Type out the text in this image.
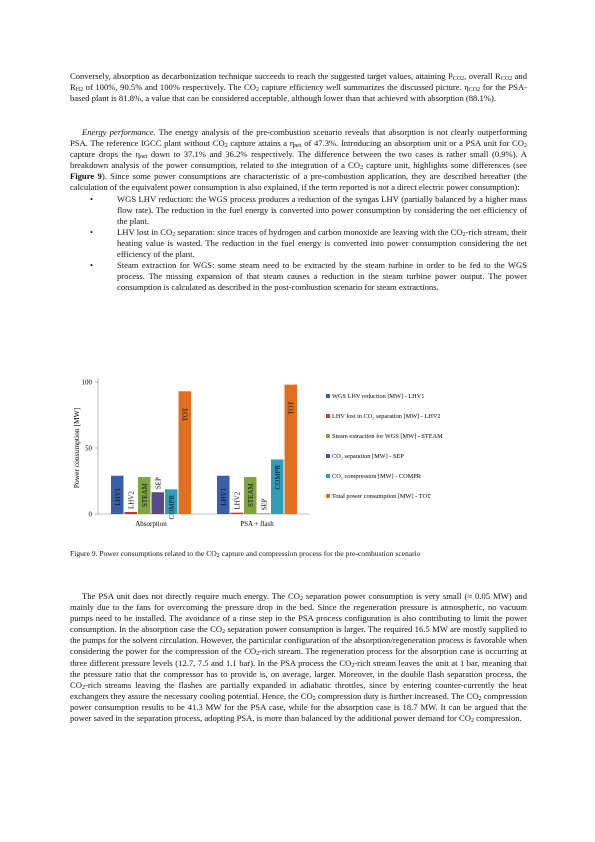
Conversely, absorption as decarbonization technique succeeds to reach the suggested target values, attaining $P_{CO2}$, overall $R_{CO2}$ and $R_{H2}$ of 100%, 90.5% and 100% respectively. The $CO_2$ capture efficiency well summarizes the discussed picture. $\eta_{CO2}$ for the PSA-based plant is 81.8%, a value that can be considered acceptable, although lower than that achieved with absorption (88.1%).

Energy performance. The energy analysis of the pre-combustion scenario reveals that absorption is not clearly outperforming PSA. The reference IGCC plant without $CO_2$ capture attains a $\eta_{net}$ of 47.3%. Introducing an absorption unit or a PSA unit for $CO_2$ capture drops the $\eta_{net}$ down to 37.1% and 36.2% respectively. The difference between the two cases is rather small (0.9%). A breakdown analysis of the power consumption, related to the integration of a $CO_2$ capture unit, highlights some differences (see Figure 9). Since some power consumptions are characteristic of a pre-combustion application, they are described hereafter (the calculation of the equivalent power consumption is also explained, if the term reported is not a direct electric power consumption):

•	WGS LHV reduction: the WGS process produces a reduction of the syngas LHV (partially balanced by a higher mass flow rate). The reduction in the fuel energy is converted into power consumption by considering the net efficiency of the plant.

•	LHV lost in $CO_2$ separation: since traces of hydrogen and carbon monoxide are leaving with the $CO_2$-rich stream, their heating value is wasted. The reduction in the fuel energy is converted into power consumption considering the net efficiency of the plant.

•	Steam extraction for WGS: some steam need to be extracted by the steam turbine in order to be fed to the WGS process. The missing expansion of that steam causes a reduction in the steam turbine power output. The power consumption is calculated as described in the post-combustion scenario for steam extractions.

Power consumption [MW]
0
50
100
LHV1 LHV2 STEAM
SEP
COMPR
TOT
Absorption
LHV1 LHV2 STEAM SEP
COMPR
TOT
PSA + flash
WGS LHV reduction [MW] - LHV1
LHV lost in CO₂ separation [MW] - LHV2
Steam extraction for WGS [MW] - STEAM
CO₂ separation [MW] - SEP
CO₂ compression [MW] - COMPR
Total power consumption [MW] - TOT
Figure 9. Power consumptions related to the $CO_2$ capture and compression process for the pre-combustion scenario

The PSA unit does not directly require much energy. The $CO_2$ separation power consumption is very small (≈ 0.05 MW) and mainly due to the fans for overcoming the pressure drop in the bed. Since the regeneration pressure is atmospheric, no vacuum pumps need to be installed. The avoidance of a rinse step in the PSA process configuration is also contributing to limit the power consumption. In the absorption case the $CO_2$ separation power consumption is larger. The required 16.5 MW are mostly supplied to the pumps for the solvent circulation. However, the particular configuration of the absorption/regeneration process is favorable when considering the power for the compression of the $CO_2$-rich stream. The regeneration process for the absorption case is occurring at three different pressure levels (12.7, 7.5 and 1.1 bar). In the PSA process the $CO_2$-rich stream leaves the unit at 1 bar, meaning that the pressure ratio that the compressor has to provide is, on average, larger. Moreover, in the double flash separation process, the $CO_2$-rich streams leaving the flashes are partially expanded in adiabatic throttles, since by entering counter-currently the heat exchangers they assure the necessary cooling potential. Hence, the $CO_2$ compression duty is further increased. The $CO_2$ compression power consumption results to be 41.3 MW for the PSA case, while for the absorption case is 18.7 MW. It can be argued that the power saved in the separation process, adopting PSA, is more than balanced by the additional power demand for $CO_2$ compression.
